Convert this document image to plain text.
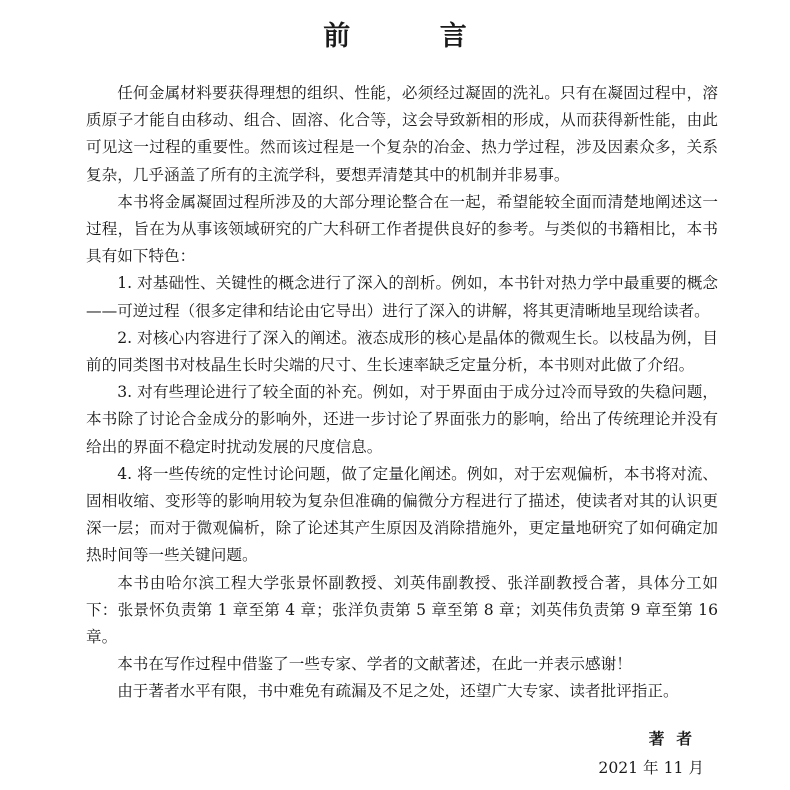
前 言

任何金属材料要获得理想的组织、性能，必须经过凝固的洗礼。只有在凝固过程中，溶质原子才能自由移动、组合、固溶、化合等，这会导致新相的形成，从而获得新性能，由此可见这一过程的重要性。然而该过程是一个复杂的冶金、热力学过程，涉及因素众多，关系复杂，几乎涵盖了所有的主流学科，要想弄清楚其中的机制并非易事。

本书将金属凝固过程所涉及的大部分理论整合在一起，希望能较全面而清楚地阐述这一过程，旨在为从事该领域研究的广大科研工作者提供良好的参考。与类似的书籍相比，本书具有如下特色：

1. 对基础性、关键性的概念进行了深入的剖析。例如，本书针对热力学中最重要的概念——可逆过程（很多定律和结论由它导出）进行了深入的讲解，将其更清晰地呈现给读者。

2. 对核心内容进行了深入的阐述。液态成形的核心是晶体的微观生长。以枝晶为例，目前的同类图书对枝晶生长时尖端的尺寸、生长速率缺乏定量分析，本书则对此做了介绍。

3. 对有些理论进行了较全面的补充。例如，对于界面由于成分过冷而导致的失稳问题，本书除了讨论合金成分的影响外，还进一步讨论了界面张力的影响，给出了传统理论并没有给出的界面不稳定时扰动发展的尺度信息。

4. 将一些传统的定性讨论问题，做了定量化阐述。例如，对于宏观偏析，本书将对流、固相收缩、变形等的影响用较为复杂但准确的偏微分方程进行了描述，使读者对其的认识更深一层；而对于微观偏析，除了论述其产生原因及消除措施外，更定量地研究了如何确定加热时间等一些关键问题。

本书由哈尔滨工程大学张景怀副教授、刘英伟副教授、张洋副教授合著，具体分工如下：张景怀负责第 1 章至第 4 章；张洋负责第 5 章至第 8 章；刘英伟负责第 9 章至第 16 章。

本书在写作过程中借鉴了一些专家、学者的文献著述，在此一并表示感谢！

由于著者水平有限，书中难免有疏漏及不足之处，还望广大专家、读者批评指正。

著者
2021 年 11 月
